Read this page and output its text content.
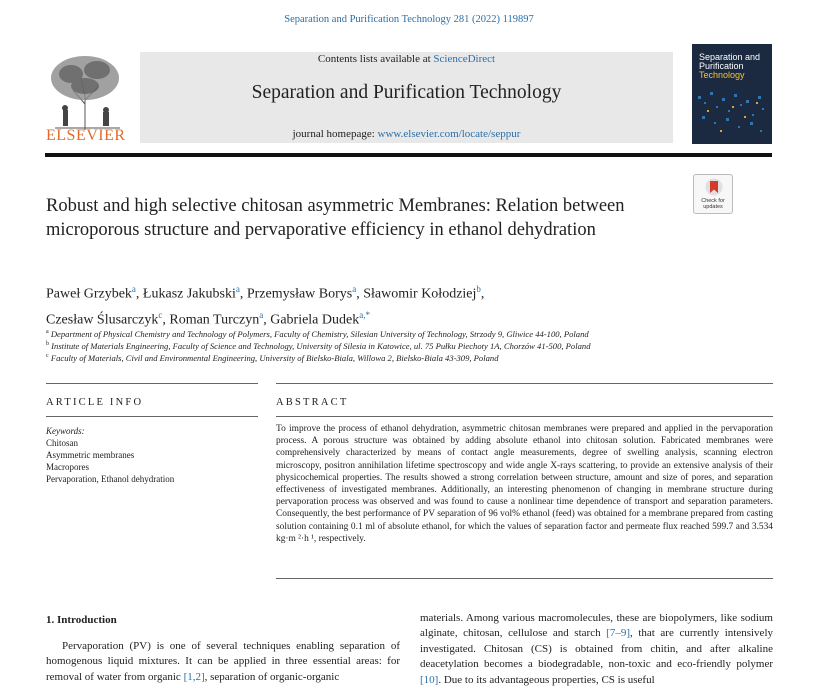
Separation and Purification Technology 281 (2022) 119897
Contents lists available at ScienceDirect
Separation and Purification Technology
journal homepage: www.elsevier.com/locate/seppur
ELSEVIER
Separation and
Purification
Technology
Check for updates
Robust and high selective chitosan asymmetric Membranes: Relation between microporous structure and pervaporative efficiency in ethanol dehydration
Paweł Grzybek$^a$, Łukasz Jakubski$^a$, Przemysław Borys$^a$, Sławomir Kołodziej$^b$,
Czesław Ślusarczyk$^c$, Roman Turczyn$^a$, Gabriela Dudek$^{a,*}$
$^a$ Department of Physical Chemistry and Technology of Polymers, Faculty of Chemistry, Silesian University of Technology, Strzody 9, Gliwice 44-100, Poland
$^b$ Institute of Materials Engineering, Faculty of Science and Technology, University of Silesia in Katowice, ul. 75 Pułku Piechoty 1A, Chorzów 41-500, Poland
$^c$ Faculty of Materials, Civil and Environmental Engineering, University of Bielsko-Biala, Willowa 2, Bielsko-Biala 43-309, Poland
ARTICLE INFO	ABSTRACT
Keywords:
Chitosan
Asymmetric membranes
Macropores
Pervaporation, Ethanol dehydration
To improve the process of ethanol dehydration, asymmetric chitosan membranes were prepared and applied in the pervaporation process. A porous structure was obtained by adding absolute ethanol into chitosan solution. Fabricated membranes were comprehensively characterized by means of contact angle measurements, degree of swelling analysis, scanning electron microscopy, positron annihilation lifetime spectroscopy and wide angle X-rays scattering, to provide an extensive analysis of their physicochemical properties. The results showed a strong correlation between structure, amount and size of pores, and separation effectiveness of investigated membranes. Additionally, an interesting phenomenon of changing in membrane structure during pervaporation process was observed and was found to cause a nonlinear time dependence of transport and separation parameters. Consequently, the best performance of PV separation of 96 vol% ethanol (feed) was obtained for a membrane prepared from casting solution containing 0.1 ml of absolute ethanol, for which the values of separation factor and permeate flux reached 599.7 and 3.534 kg·m ²·h ¹, respectively.
1. Introduction
Pervaporation (PV) is one of several techniques enabling separation of homogenous liquid mixtures. It can be applied in three essential areas: for removal of water from organic [1,2], separation of organic-organic
materials. Among various macromolecules, these are biopolymers, like sodium alginate, chitosan, cellulose and starch [7–9], that are currently intensively investigated. Chitosan (CS) is obtained from chitin, and after alkaline deacetylation becomes a biodegradable, non-toxic and eco-friendly polymer [10]. Due to its advantageous properties, CS is useful
